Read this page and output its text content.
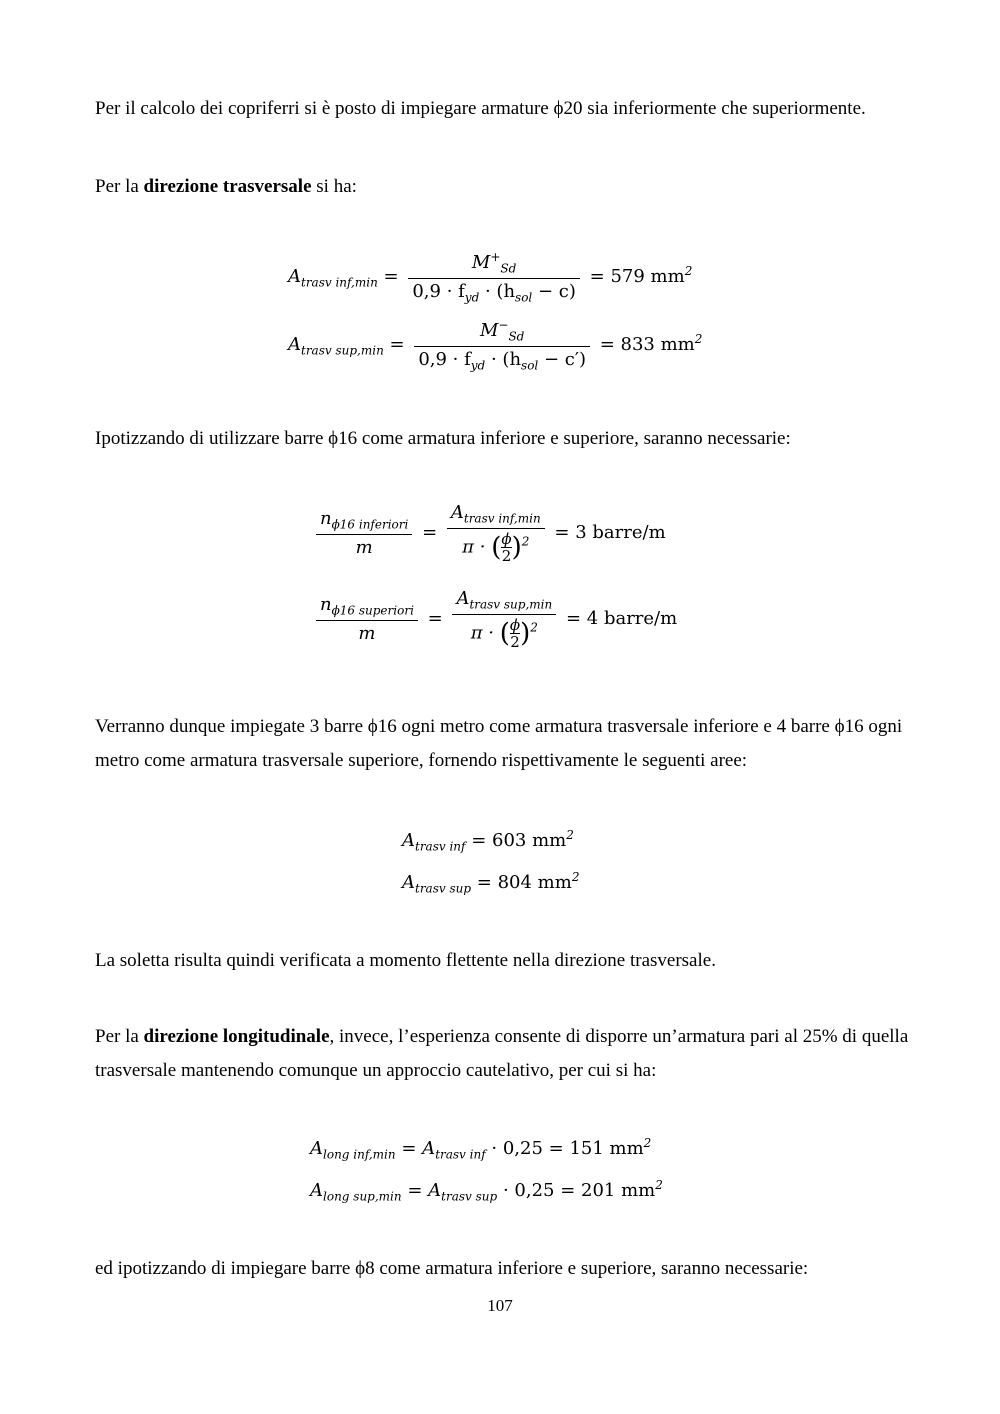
Per il calcolo dei copriferri si è posto di impiegare armature ϕ20 sia inferiormente che superiormente.
Per la direzione trasversale si ha:
$A_{trasv inf,min} = \frac{M^+_{Sd}}{0,9 \cdot f_{yd} \cdot (h_{sol} - c)} = 579$ $mm^2$
$A_{trasv sup,min} = \frac{M^-_{Sd}}{0,9 \cdot f_{yd} \cdot (h_{sol} - c')} = 833$ $mm^2$
Ipotizzando di utilizzare barre ϕ16 come armatura inferiore e superiore, saranno necessarie:
$\frac{n_{\phi 16 inferiori}}{m} = \frac{A_{trasv inf,min}}{\pi \cdot ( \frac{\phi}{2} )^2} = 3$ barre/m
$\frac{n_{\phi 16 superiori}}{m} = \frac{A_{trasv sup,min}}{\pi \cdot ( \frac{\phi}{2} )^2} = 4$ barre/m
Verranno dunque impiegate 3 barre ϕ16 ogni metro come armatura trasversale inferiore e 4 barre ϕ16 ogni metro come armatura trasversale superiore, fornendo rispettivamente le seguenti aree:
$A_{trasv inf} = 603$ $mm^2$
$A_{trasv sup} = 804$ $mm^2$
La soletta risulta quindi verificata a momento flettente nella direzione trasversale.
Per la direzione longitudinale, invece, l’esperienza consente di disporre un’armatura pari al 25% di quella trasversale mantenendo comunque un approccio cautelativo, per cui si ha:
$A_{long inf,min} = A_{trasv inf} \cdot 0,25 = 151$ $mm^2$
$A_{long sup,min} = A_{trasv sup} \cdot 0,25 = 201$ $mm^2$
ed ipotizzando di impiegare barre ϕ8 come armatura inferiore e superiore, saranno necessarie:
107
